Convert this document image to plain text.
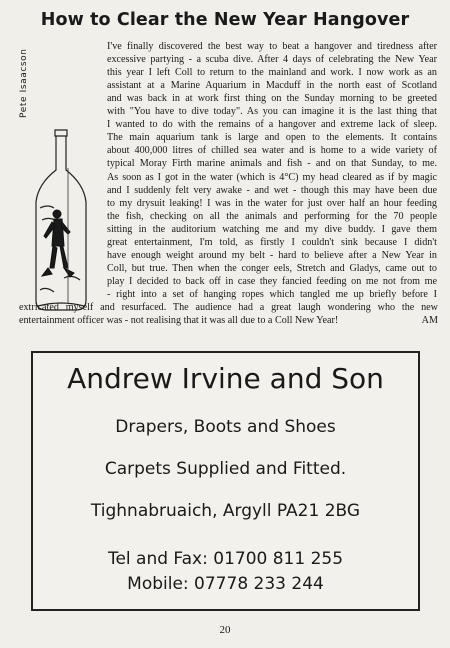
How to Clear the New Year Hangover
Pete Isaacson
I've finally discovered the best way to beat a hangover and tiredness after
excessive partying - a scuba dive. After 4 days of celebrating the New Year
this year I left Coll to return to the mainland and work. I now work as an
assistant at a Marine Aquarium in Macduff in the north east of Scotland
and was back in at work first thing on the Sunday morning to be greeted
with "You have to dive today". As you can imagine it is the last thing that
I wanted to do with the remains of a hangover and extreme lack of sleep.
The main aquarium tank is large and open to the elements. It contains
about 400,000 litres of chilled sea water and is home to a wide variety of
typical Moray Firth marine animals and fish - and on that Sunday, to me.
As soon as I got in the water (which is 4°C) my head cleared as if by magic
and I suddenly felt very awake - and wet - though this may have been due
to my drysuit leaking! I was in the water for just over half an hour feeding
the fish, checking on all the animals and performing for the 70 people
sitting in the auditorium watching me and my dive buddy. I gave them
great entertainment, I'm told, as firstly I couldn't sink because I didn't
have enough weight around my belt - hard to believe after a New Year in
Coll, but true. Then when the conger eels, Stretch and Gladys, came out to
play I decided to back off in case they fancied feeding on me not from me
- right into a set of hanging ropes which tangled me up briefly before I
extricated myself and resurfaced. The audience had a great laugh wondering who the new
entertainment officer was - not realising that it was all due to a Coll New Year!	AM
Andrew Irvine and Son
Drapers, Boots and Shoes
Carpets Supplied and Fitted.
Tighnabruaich, Argyll PA21 2BG
Tel and Fax: 01700 811 255
Mobile: 07778 233 244
20
